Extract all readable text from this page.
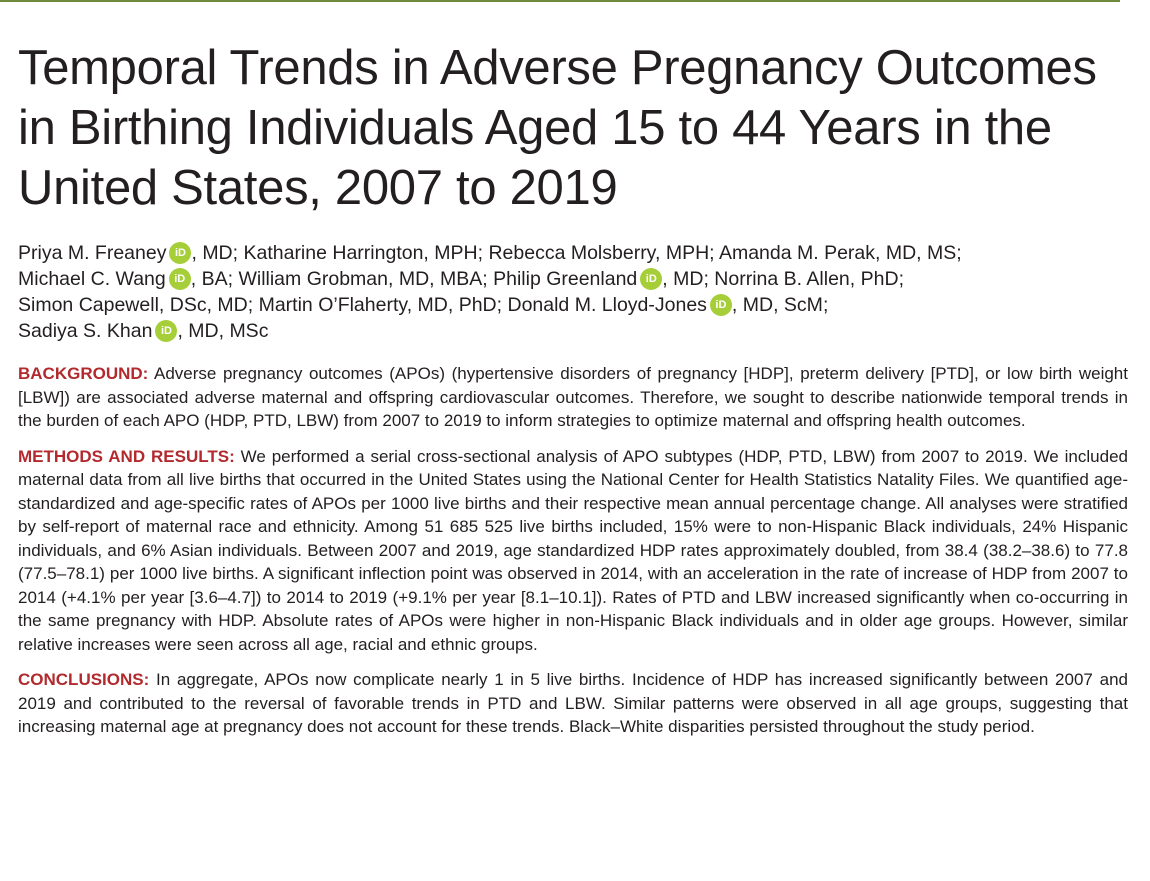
Temporal Trends in Adverse Pregnancy Outcomes in Birthing Individuals Aged 15 to 44 Years in the United States, 2007 to 2019
Priya M. Freaney iD , MD; Katharine Harrington, MPH; Rebecca Molsberry, MPH; Amanda M. Perak, MD, MS;
Michael C. Wang iD , BA; William Grobman, MD, MBA; Philip Greenland iD , MD; Norrina B. Allen, PhD;
Simon Capewell, DSc, MD; Martin O’Flaherty, MD, PhD; Donald M. Lloyd-Jones iD , MD, ScM;
Sadiya S. Khan iD , MD, MSc

BACKGROUND: Adverse pregnancy outcomes (APOs) (hypertensive disorders of pregnancy [HDP], preterm delivery [PTD], or low birth weight [LBW]) are associated adverse maternal and offspring cardiovascular outcomes. Therefore, we sought to describe nationwide temporal trends in the burden of each APO (HDP, PTD, LBW) from 2007 to 2019 to inform strategies to optimize maternal and offspring health outcomes.

METHODS AND RESULTS: We performed a serial cross-sectional analysis of APO subtypes (HDP, PTD, LBW) from 2007 to 2019. We included maternal data from all live births that occurred in the United States using the National Center for Health Statistics Natality Files. We quantified age-standardized and age-specific rates of APOs per 1000 live births and their respective mean annual percentage change. All analyses were stratified by self-report of maternal race and ethnicity. Among 51 685 525 live births included, 15% were to non-Hispanic Black individuals, 24% Hispanic individuals, and 6% Asian individuals. Between 2007 and 2019, age standardized HDP rates approximately doubled, from 38.4 (38.2–38.6) to 77.8 (77.5–78.1) per 1000 live births. A significant inflection point was observed in 2014, with an acceleration in the rate of increase of HDP from 2007 to 2014 (+4.1% per year [3.6–4.7]) to 2014 to 2019 (+9.1% per year [8.1–10.1]). Rates of PTD and LBW increased significantly when co-occurring in the same pregnancy with HDP. Absolute rates of APOs were higher in non-Hispanic Black individuals and in older age groups. However, similar relative increases were seen across all age, racial and ethnic groups.

CONCLUSIONS: In aggregate, APOs now complicate nearly 1 in 5 live births. Incidence of HDP has increased significantly between 2007 and 2019 and contributed to the reversal of favorable trends in PTD and LBW. Similar patterns were observed in all age groups, suggesting that increasing maternal age at pregnancy does not account for these trends. Black–White disparities persisted throughout the study period.
